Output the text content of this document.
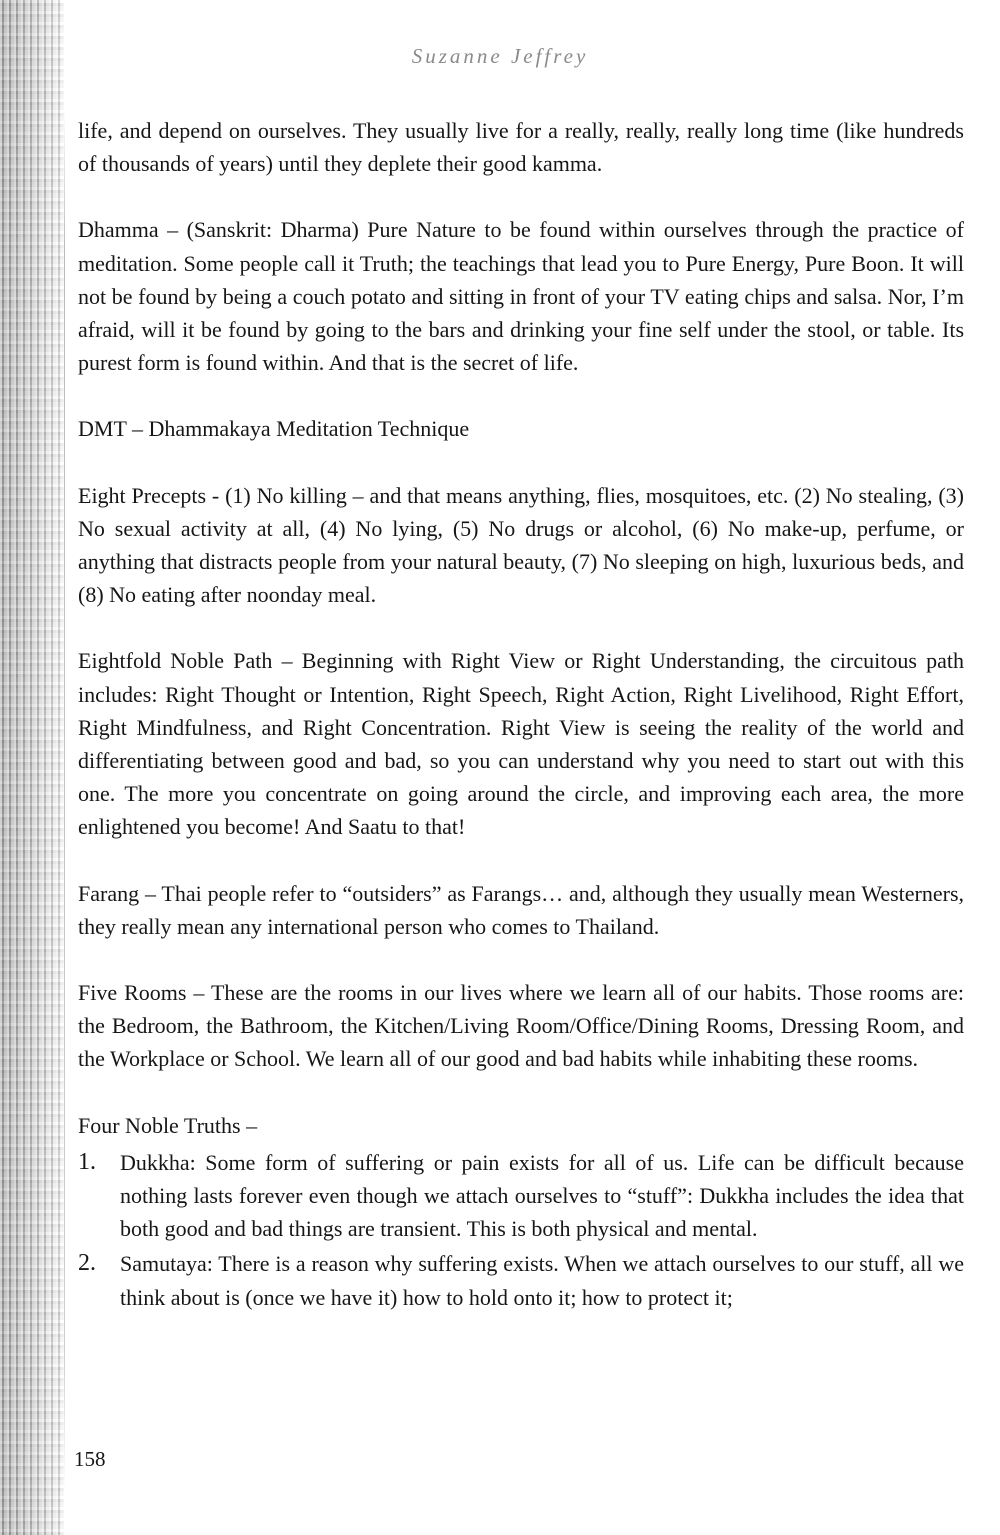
Suzanne Jeffrey

life, and depend on ourselves. They usually live for a really, really, really long time (like hundreds of thousands of years) until they deplete their good kamma.

Dhamma – (Sanskrit: Dharma) Pure Nature to be found within ourselves through the practice of meditation. Some people call it Truth; the teachings that lead you to Pure Energy, Pure Boon. It will not be found by being a couch potato and sitting in front of your TV eating chips and salsa. Nor, I’m afraid, will it be found by going to the bars and drinking your fine self under the stool, or table. Its purest form is found within. And that is the secret of life.

DMT – Dhammakaya Meditation Technique

Eight Precepts - (1) No killing – and that means anything, flies, mosquitoes, etc. (2) No stealing, (3) No sexual activity at all, (4) No lying, (5) No drugs or alcohol, (6) No make-up, perfume, or anything that distracts people from your natural beauty, (7) No sleeping on high, luxurious beds, and (8) No eating after noonday meal.

Eightfold Noble Path – Beginning with Right View or Right Understanding, the circuitous path includes: Right Thought or Intention, Right Speech, Right Action, Right Livelihood, Right Effort, Right Mindfulness, and Right Concentration. Right View is seeing the reality of the world and differentiating between good and bad, so you can understand why you need to start out with this one. The more you concentrate on going around the circle, and improving each area, the more enlightened you become! And Saatu to that!

Farang – Thai people refer to “outsiders” as Farangs… and, although they usually mean Westerners, they really mean any international person who comes to Thailand.

Five Rooms – These are the rooms in our lives where we learn all of our habits. Those rooms are: the Bedroom, the Bathroom, the Kitchen/Living Room/Office/Dining Rooms, Dressing Room, and the Workplace or School. We learn all of our good and bad habits while inhabiting these rooms.

Four Noble Truths –

1.	Dukkha: Some form of suffering or pain exists for all of us. Life can be difficult because nothing lasts forever even though we attach ourselves to “stuff”: Dukkha includes the idea that both good and bad things are transient. This is both physical and mental.
2.	Samutaya: There is a reason why suffering exists. When we attach ourselves to our stuff, all we think about is (once we have it) how to hold onto it; how to protect it;
158
